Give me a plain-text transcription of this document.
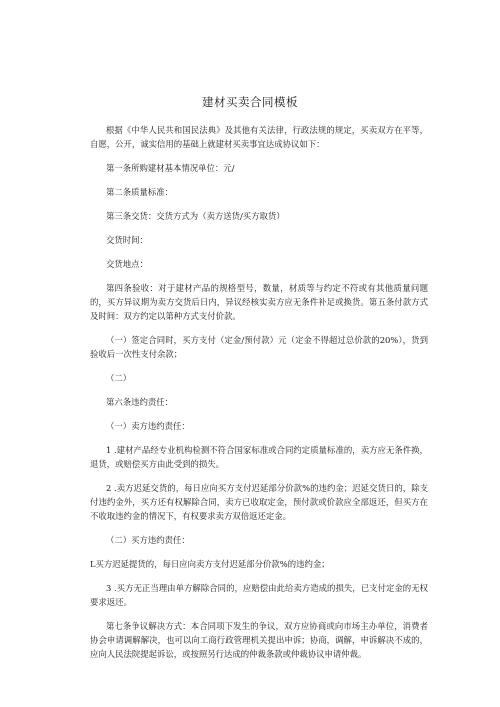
建材买卖合同模板

根据《中华人民共和国民法典》及其他有关法律，行政法规的规定，买卖双方在平等，自愿，公开，诚实信用的基础上就建材买卖事宜达成协议如下：

第一条所购建材基本情况单位：元/

第二条质量标准：

第三条交货：交货方式为（卖方送货/买方取货）

交货时间：

交货地点：

第四条验收：对于建材产品的规格型号，数量，材质等与约定不符或有其他质量问题的，买方异议期为卖方交货后日内，异议经核实卖方应无条件补足或换货。第五条付款方式及时间：双方约定以第种方式支付价款。

（一）签定合同时，买方支付（定金/预付款）元（定金不得超过总价款的20%），货到验收后一次性支付余款；

（二）

第六条违约责任：

（一）卖方违约责任：

1 .建材产品经专业机构检测不符合国家标准或合同约定质量标准的，卖方应无条件换，退货，或赔偿买方由此受到的损失。

2 .卖方迟延交货的，每日应向买方支付迟延部分价款%的违约金；迟延交货日的，除支付违约金外，买方还有权解除合同，卖方已收取定金，预付款或价款应全部返还，但买方在不收取违约金的情况下，有权要求卖方双倍返还定金。

（二）买方违约责任：

L买方迟延提货的，每日应向卖方支付迟延部分价款%的违约金；

3 .买方无正当理由单方解除合同的，应赔偿由此给卖方造成的损失，已支付定金的无权要求返还。

第七条争议解决方式：本合同项下发生的争议，双方应协商或向市场主办单位，消费者协会申请调解解决，也可以向工商行政管理机关提出申诉；协商，调解，申诉解决不成的，应向人民法院提起诉讼，或按照另行达成的仲裁条款或仲裁协议申请仲裁。
